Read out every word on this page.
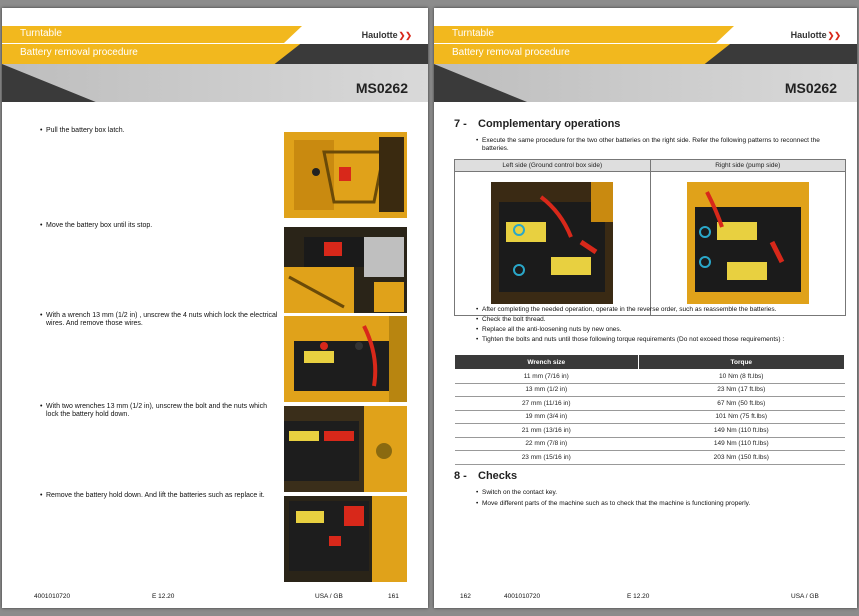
Turntable	Haulotte❯❯
Battery removal procedure
MS0262
• Pull the battery box latch.
• Move the battery box until its stop.
• With a wrench 13 mm (1/2 in) , unscrew the 4 nuts which lock the electrical wires. And remove those wires.
• With two wrenches 13 mm (1/2 in), unscrew the bolt and the nuts which lock the battery hold down.
• Remove the battery hold down. And lift the batteries such as replace it.
4001010720	E 12.20	USA / GB	161
Turntable	Haulotte❯❯
Battery removal procedure
MS0262
7 - Complementary operations
• Execute the same procedure for the two other batteries on the right side. Refer the following patterns to reconnect the batteries.
Left side (Ground control box side)	Right side (pump side)

• After completing the needed operation, operate in the reverse order, such as reassemble the batteries.
• Check the bolt thread.
• Replace all the anti-loosening nuts by new ones.
• Tighten the bolts and nuts until those following torque requirements (Do not exceed those requirements) :
Wrench size	Torque
11 mm (7/16 in)	10 Nm (8 ft.lbs)
13 mm (1/2 in)	23 Nm (17 ft.lbs)
27 mm (11/16 in)	67 Nm (50 ft.lbs)
19 mm (3/4 in)	101 Nm (75 ft.lbs)
21 mm (13/16 in)	149 Nm (110 ft.lbs)
22 mm (7/8 in)	149 Nm (110 ft.lbs)
23 mm (15/16 in)	203 Nm (150 ft.lbs)
8 - Checks
• Switch on the contact key.
• Move different parts of the machine such as to check that the machine is functioning properly.
162	4001010720	E 12.20	USA / GB
